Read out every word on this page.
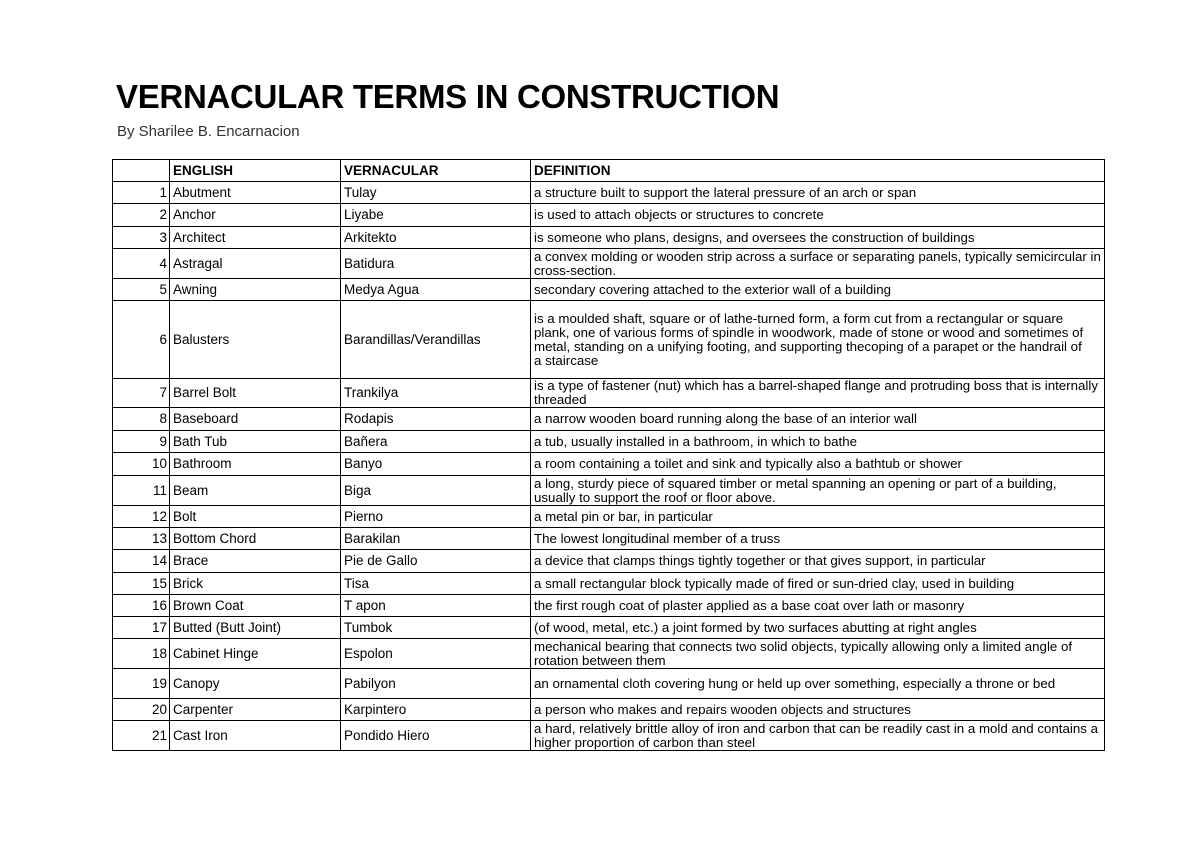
VERNACULAR TERMS IN CONSTRUCTION
By Sharilee B. Encarnacion
	ENGLISH	VERNACULAR	DEFINITION
1	Abutment	Tulay	a structure built to support the lateral pressure of an arch or span
2	Anchor	Liyabe	is used to attach objects or structures to concrete
3	Architect	Arkitekto	is someone who plans, designs, and oversees the construction of buildings
4	Astragal	Batidura	a convex molding or wooden strip across a surface or separating panels, typically semicircular in cross-section.
5	Awning	Medya Agua	secondary covering attached to the exterior wall of a building
6	Balusters	Barandillas/Verandillas	is a moulded shaft, square or of lathe-turned form, a form cut from a rectangular or square plank, one of various forms of spindle in woodwork, made of stone or wood and sometimes of metal, standing on a unifying footing, and supporting thecoping of a parapet or the handrail of
a staircase
7	Barrel Bolt	Trankilya	is a type of fastener (nut) which has a barrel-shaped flange and protruding boss that is internally threaded
8	Baseboard	Rodapis	a narrow wooden board running along the base of an interior wall
9	Bath Tub	Bañera	a tub, usually installed in a bathroom, in which to bathe
10	Bathroom	Banyo	a room containing a toilet and sink and typically also a bathtub or shower
11	Beam	Biga	a long, sturdy piece of squared timber or metal spanning an opening or part of a building, usually to support the roof or floor above.
12	Bolt	Pierno	a metal pin or bar, in particular
13	Bottom Chord	Barakilan	The lowest longitudinal member of a truss
14	Brace	Pie de Gallo	a device that clamps things tightly together or that gives support, in particular
15	Brick	Tisa	a small rectangular block typically made of fired or sun-dried clay, used in building
16	Brown Coat	T apon	the first rough coat of plaster applied as a base coat over lath or masonry
17	Butted (Butt Joint)	Tumbok	(of wood, metal, etc.) a joint formed by two surfaces abutting at right angles
18	Cabinet Hinge	Espolon	mechanical bearing that connects two solid objects, typically allowing only a limited angle of rotation between them
19	Canopy	Pabilyon	an ornamental cloth covering hung or held up over something, especially a throne or bed
20	Carpenter	Karpintero	a person who makes and repairs wooden objects and structures
21	Cast Iron	Pondido Hiero	a hard, relatively brittle alloy of iron and carbon that can be readily cast in a mold and contains a higher proportion of carbon than steel
